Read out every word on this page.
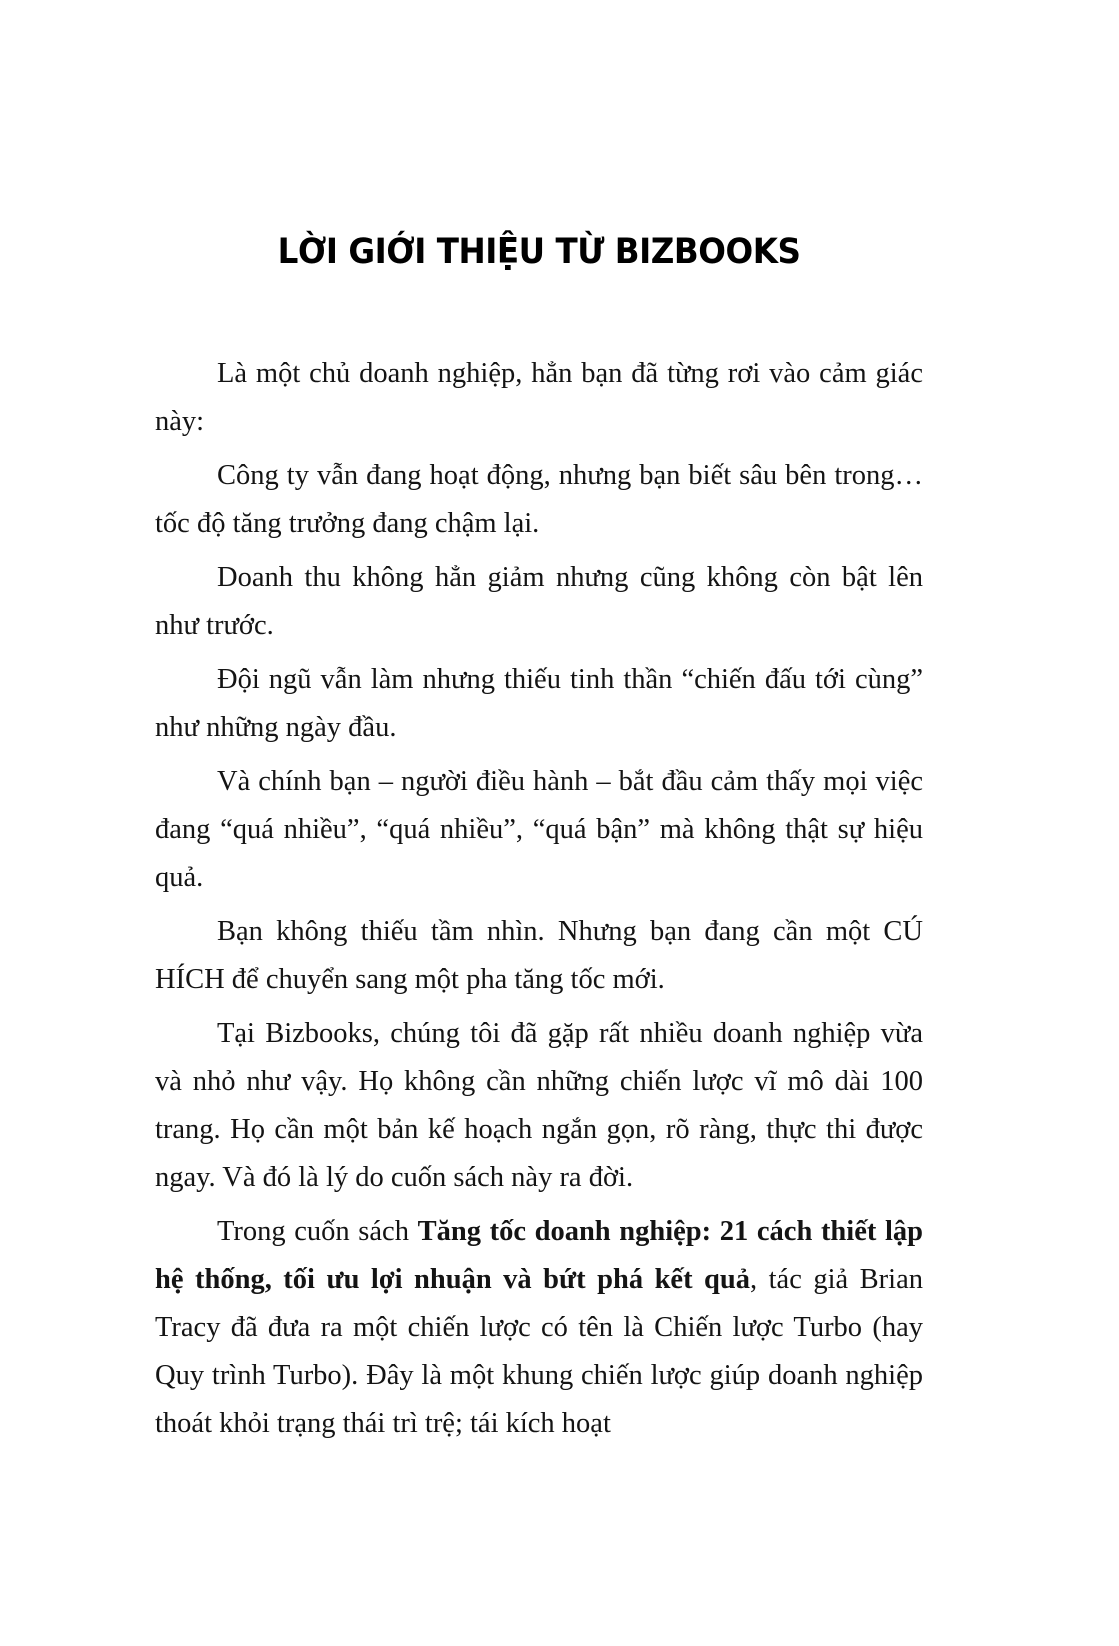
LỜI GIỚI THIỆU TỪ BIZBOOKS

Là một chủ doanh nghiệp, hẳn bạn đã từng rơi vào cảm giác này:

Công ty vẫn đang hoạt động, nhưng bạn biết sâu bên trong… tốc độ tăng trưởng đang chậm lại.

Doanh thu không hẳn giảm nhưng cũng không còn bật lên như trước.

Đội ngũ vẫn làm nhưng thiếu tinh thần “chiến đấu tới cùng” như những ngày đầu.

Và chính bạn – người điều hành – bắt đầu cảm thấy mọi việc đang “quá nhiều”, “quá nhiều”, “quá bận” mà không thật sự hiệu quả.

Bạn không thiếu tầm nhìn. Nhưng bạn đang cần một CÚ HÍCH để chuyển sang một pha tăng tốc mới.

Tại Bizbooks, chúng tôi đã gặp rất nhiều doanh nghiệp vừa và nhỏ như vậy. Họ không cần những chiến lược vĩ mô dài 100 trang. Họ cần một bản kế hoạch ngắn gọn, rõ ràng, thực thi được ngay. Và đó là lý do cuốn sách này ra đời.

Trong cuốn sách Tăng tốc doanh nghiệp: 21 cách thiết lập hệ thống, tối ưu lợi nhuận và bứt phá kết quả, tác giả Brian Tracy đã đưa ra một chiến lược có tên là Chiến lược Turbo (hay Quy trình Turbo). Đây là một khung chiến lược giúp doanh nghiệp thoát khỏi trạng thái trì trệ; tái kích hoạt
